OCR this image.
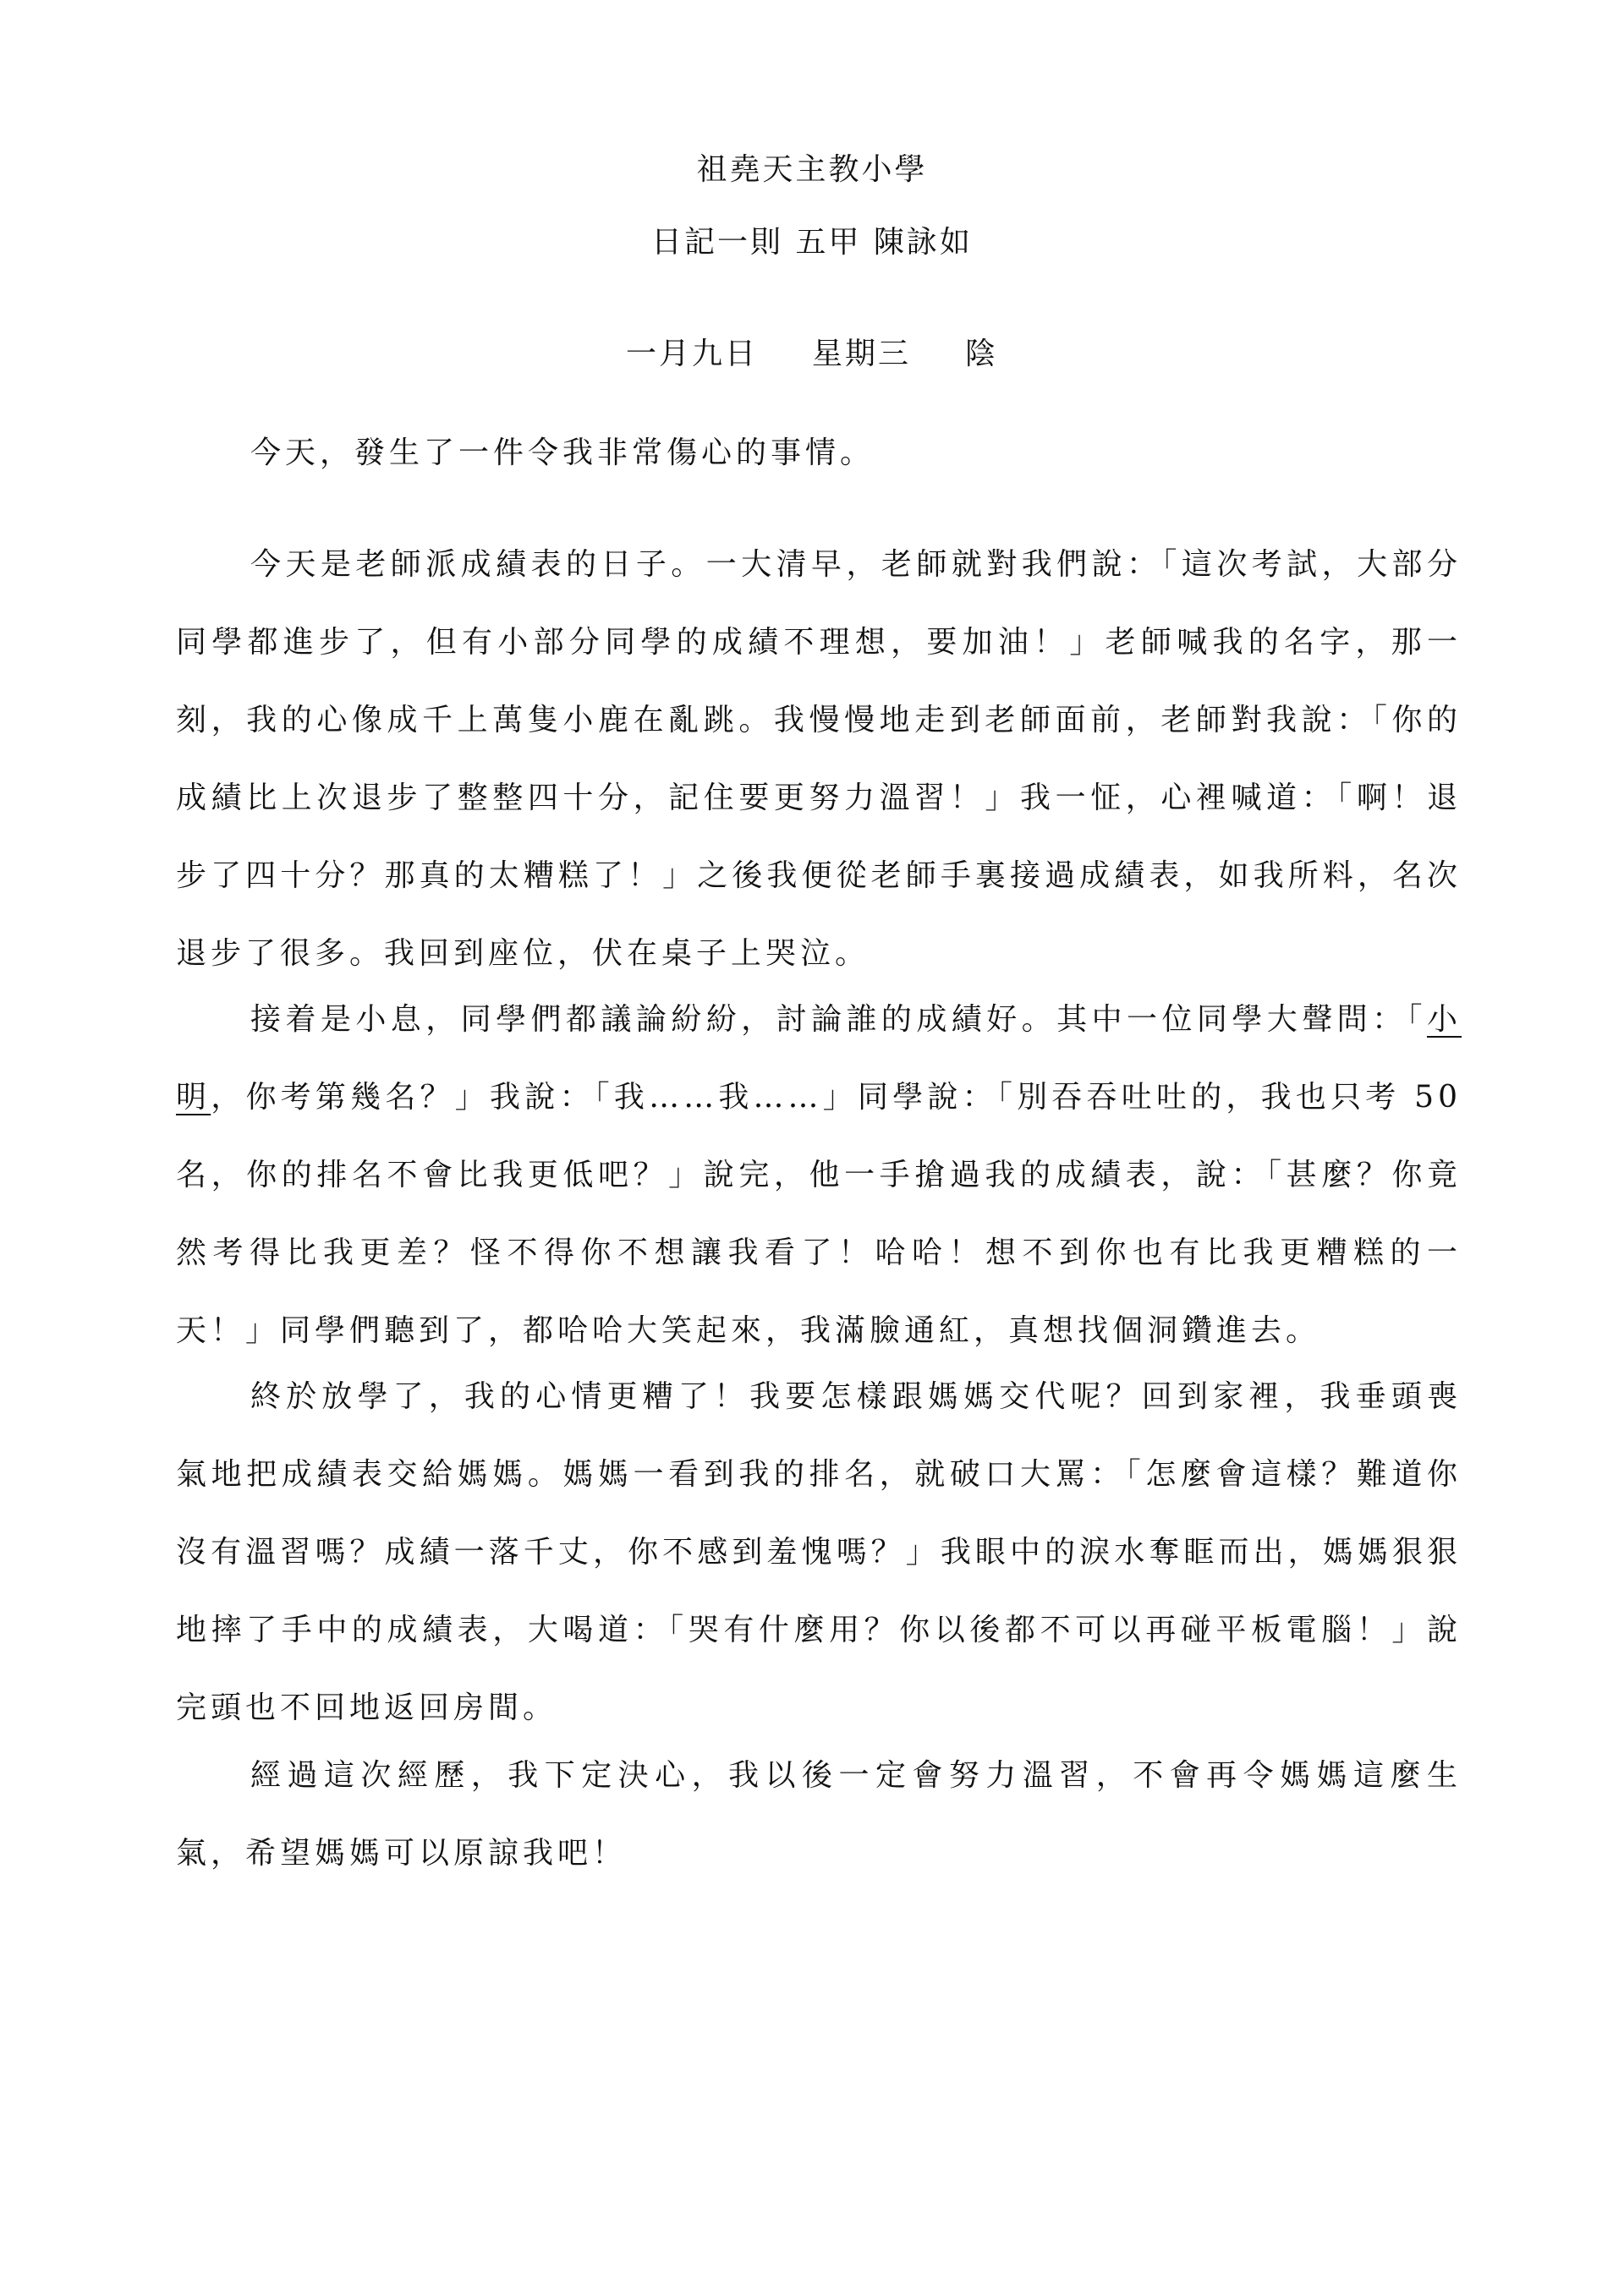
祖堯天主教小學
日記一則 五甲 陳詠如
一月九日 星期三 陰

今天，發生了一件令我非常傷心的事情。

今天是老師派成績表的日子。一大清早，老師就對我們說：「這次考試，大部分同學都進步了，但有小部分同學的成績不理想，要加油！」老師喊我的名字，那一刻，我的心像成千上萬隻小鹿在亂跳。我慢慢地走到老師面前，老師對我說：「你的成績比上次退步了整整四十分，記住要更努力溫習！」我一怔，心裡喊道：「啊！退步了四十分？那真的太糟糕了！」之後我便從老師手裏接過成績表，如我所料，名次退步了很多。我回到座位，伏在桌子上哭泣。

接着是小息，同學們都議論紛紛，討論誰的成績好。其中一位同學大聲問：「小明，你考第幾名？」我說：「我……我……」同學說：「別吞吞吐吐的，我也只考 50 名，你的排名不會比我更低吧？」說完，他一手搶過我的成績表，說：「甚麼？你竟然考得比我更差？怪不得你不想讓我看了！哈哈！想不到你也有比我更糟糕的一天！」同學們聽到了，都哈哈大笑起來，我滿臉通紅，真想找個洞鑽進去。

終於放學了，我的心情更糟了！我要怎樣跟媽媽交代呢？回到家裡，我垂頭喪氣地把成績表交給媽媽。媽媽一看到我的排名，就破口大罵：「怎麼會這樣？難道你沒有溫習嗎？成績一落千丈，你不感到羞愧嗎？」我眼中的淚水奪眶而出，媽媽狠狠地摔了手中的成績表，大喝道：「哭有什麼用？你以後都不可以再碰平板電腦！」說完頭也不回地返回房間。

經過這次經歷，我下定決心，我以後一定會努力溫習，不會再令媽媽這麼生氣，希望媽媽可以原諒我吧！
